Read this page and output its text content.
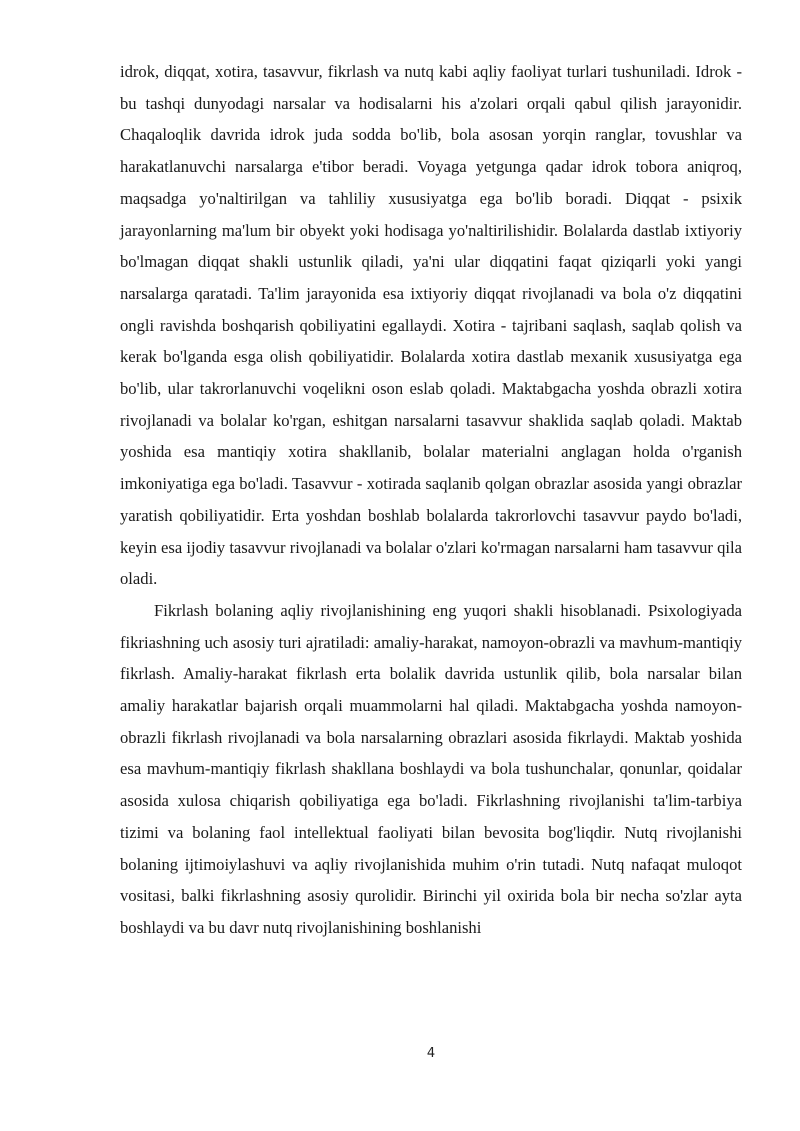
idrok, diqqat, xotira, tasavvur, fikrlash va nutq kabi aqliy faoliyat turlari tushuniladi. Idrok - bu tashqi dunyodagi narsalar va hodisalarni his a'zolari orqali qabul qilish jarayonidir. Chaqaloqlik davrida idrok juda sodda bo'lib, bola asosan yorqin ranglar, tovushlar va harakatlanuvchi narsalarga e'tibor beradi. Voyaga yetgunga qadar idrok tobora aniqroq, maqsadga yo'naltirilgan va tahliliy xususiyatga ega bo'lib boradi. Diqqat - psixik jarayonlarning ma'lum bir obyekt yoki hodisaga yo'naltirilishidir. Bolalarda dastlab ixtiyoriy bo'lmagan diqqat shakli ustunlik qiladi, ya'ni ular diqqatini faqat qiziqarli yoki yangi narsalarga qaratadi. Ta'lim jarayonida esa ixtiyoriy diqqat rivojlanadi va bola o'z diqqatini ongli ravishda boshqarish qobiliyatini egallaydi. Xotira - tajribani saqlash, saqlab qolish va kerak bo'lganda esga olish qobiliyatidir. Bolalarda xotira dastlab mexanik xususiyatga ega bo'lib, ular takrorlanuvchi voqelikni oson eslab qoladi. Maktabgacha yoshda obrazli xotira rivojlanadi va bolalar ko'rgan, eshitgan narsalarni tasavvur shaklida saqlab qoladi. Maktab yoshida esa mantiqiy xotira shakllanib, bolalar materialni anglagan holda o'rganish imkoniyatiga ega bo'ladi. Tasavvur - xotirada saqlanib qolgan obrazlar asosida yangi obrazlar yaratish qobiliyatidir. Erta yoshdan boshlab bolalarda takrorlovchi tasavvur paydo bo'ladi, keyin esa ijodiy tasavvur rivojlanadi va bolalar o'zlari ko'rmagan narsalarni ham tasavvur qila oladi.

Fikrlash bolaning aqliy rivojlanishining eng yuqori shakli hisoblanadi. Psixologiyada fikriashning uch asosiy turi ajratiladi: amaliy-harakat, namoyon-obrazli va mavhum-mantiqiy fikrlash. Amaliy-harakat fikrlash erta bolalik davrida ustunlik qilib, bola narsalar bilan amaliy harakatlar bajarish orqali muammolarni hal qiladi. Maktabgacha yoshda namoyon-obrazli fikrlash rivojlanadi va bola narsalarning obrazlari asosida fikrlaydi. Maktab yoshida esa mavhum-mantiqiy fikrlash shakllana boshlaydi va bola tushunchalar, qonunlar, qoidalar asosida xulosa chiqarish qobiliyatiga ega bo'ladi. Fikrlashning rivojlanishi ta'lim-tarbiya tizimi va bolaning faol intellektual faoliyati bilan bevosita bog'liqdir. Nutq rivojlanishi bolaning ijtimoiylashuvi va aqliy rivojlanishida muhim o'rin tutadi. Nutq nafaqat muloqot vositasi, balki fikrlashning asosiy qurolidir. Birinchi yil oxirida bola bir necha so'zlar ayta boshlaydi va bu davr nutq rivojlanishining boshlanishi

4
